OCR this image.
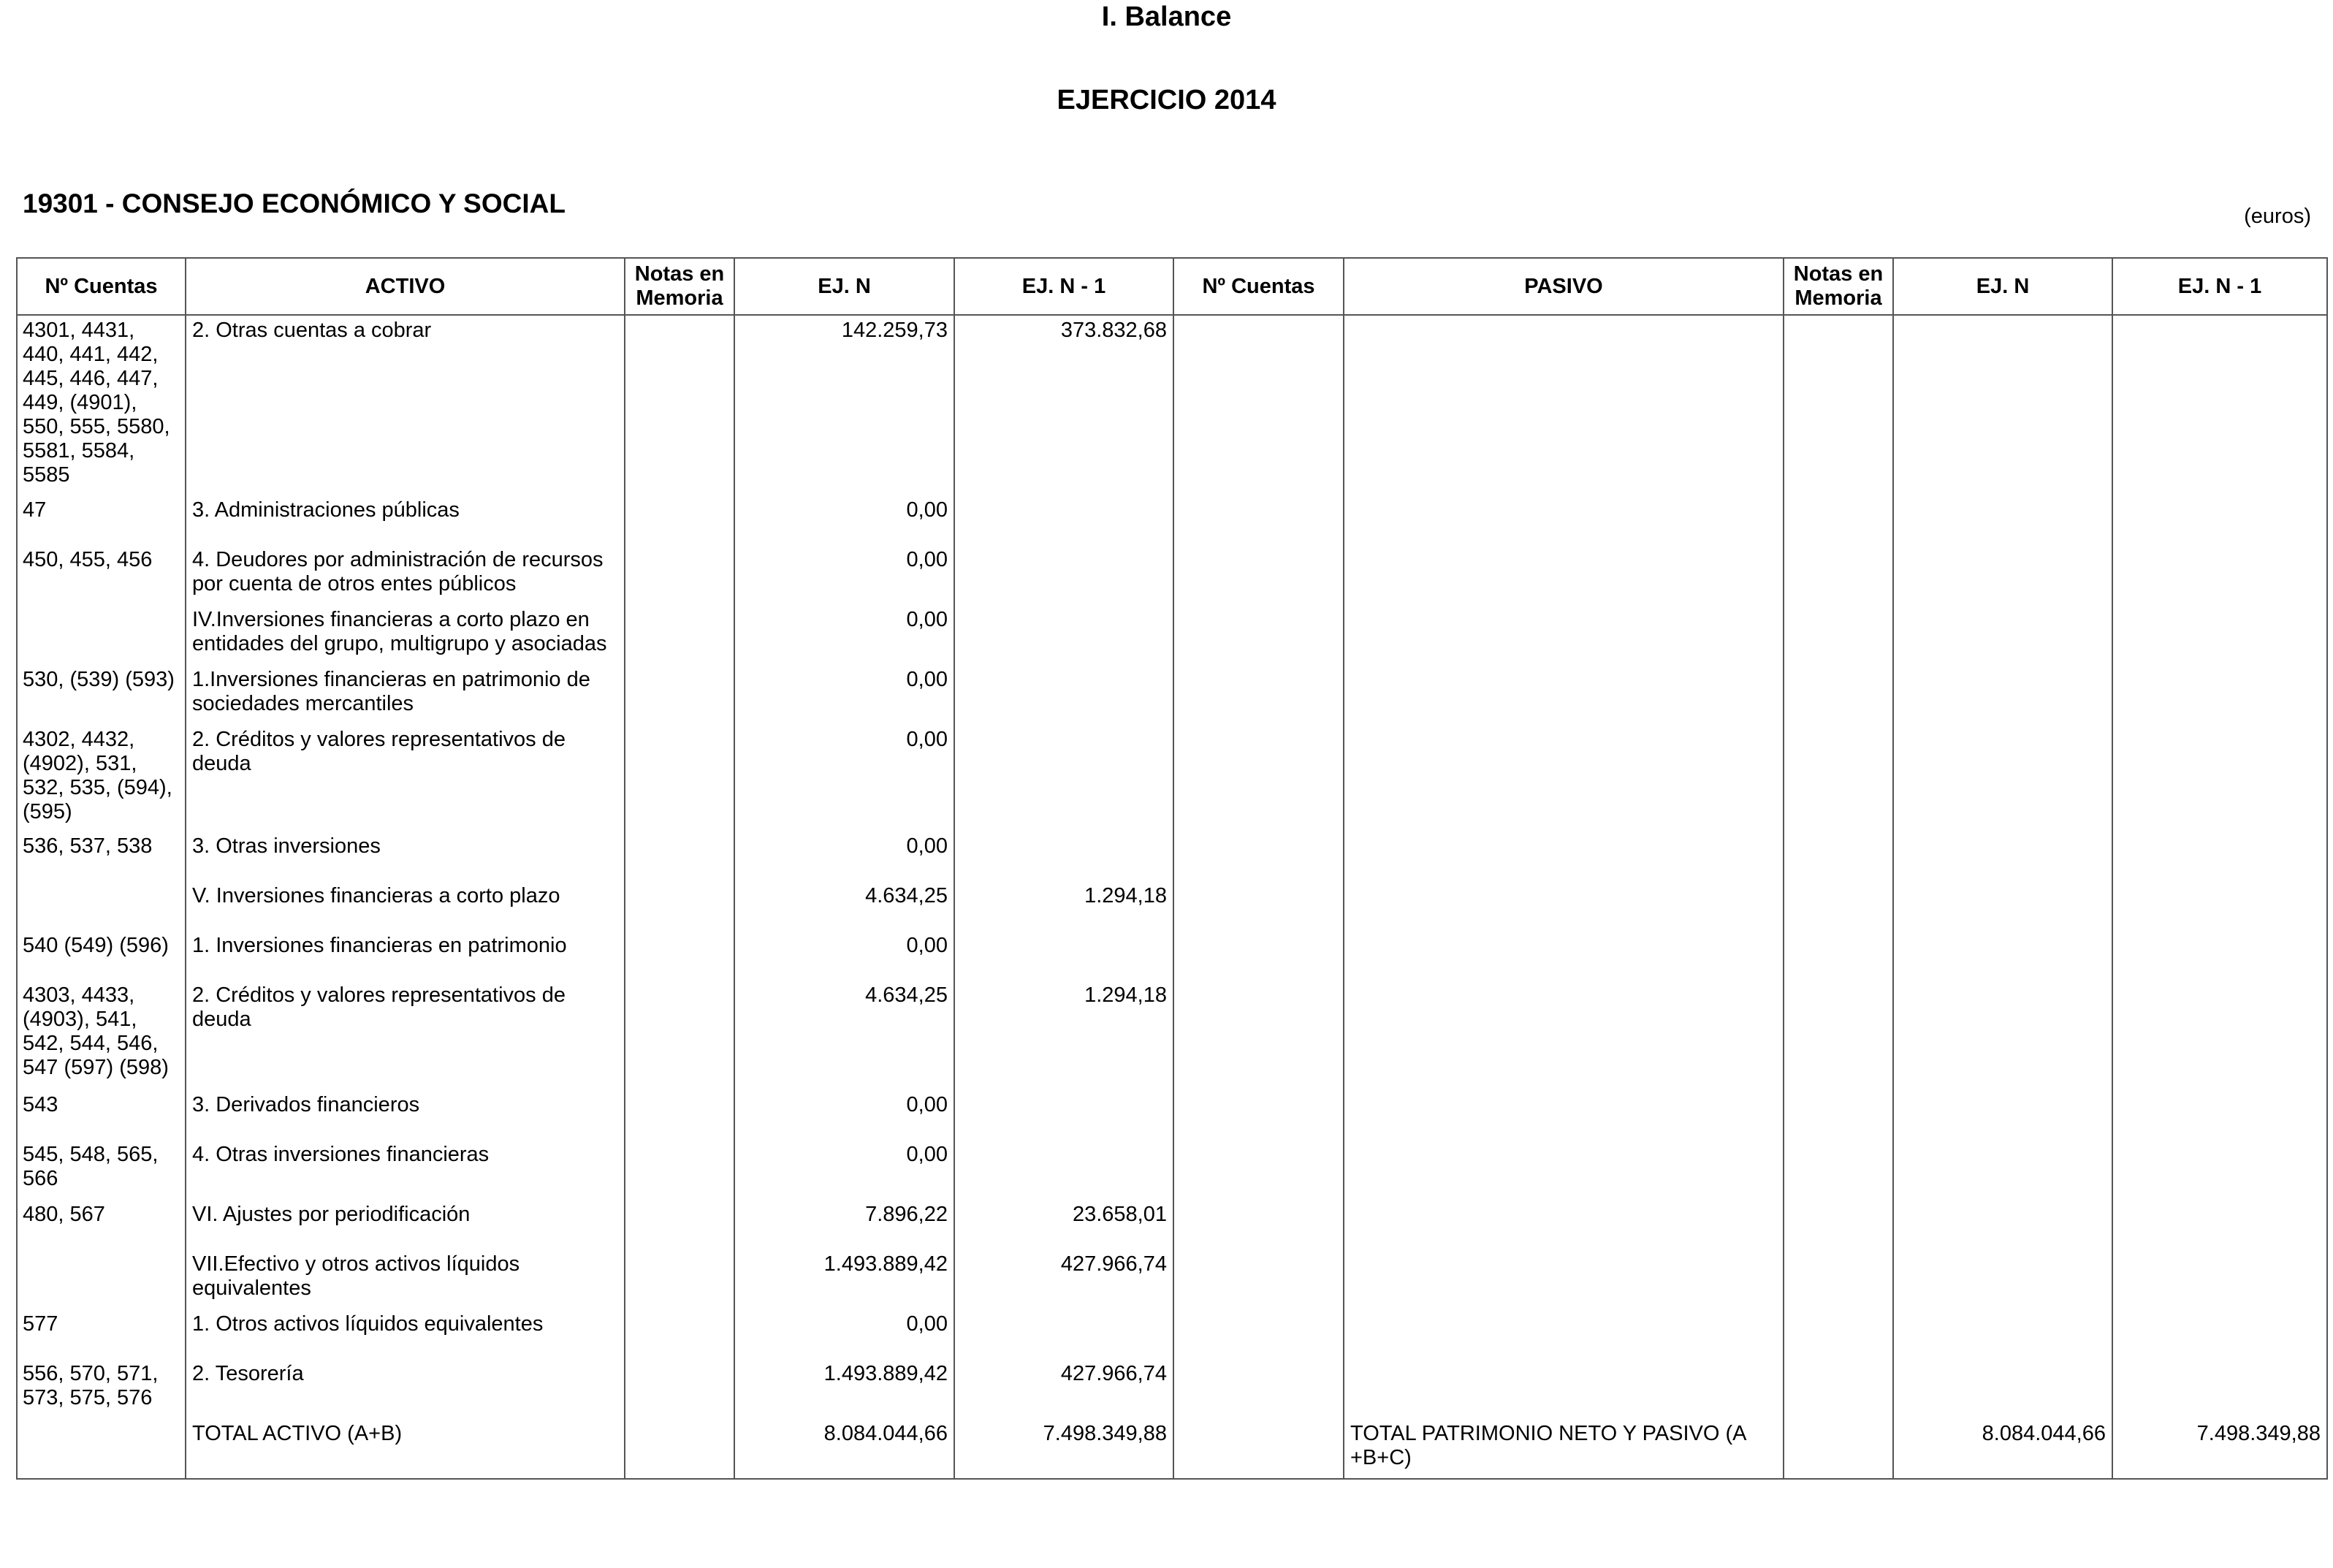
I. Balance
EJERCICIO 2014
19301 - CONSEJO ECONÓMICO Y SOCIAL	(euros)
Nº Cuentas	ACTIVO	Notas en Memoria	EJ. N	EJ. N - 1	Nº Cuentas	PASIVO	Notas en Memoria	EJ. N	EJ. N - 1
4301, 4431, 440, 441, 442, 445, 446, 447, 449, (4901), 550, 555, 5580, 5581, 5584, 5585	2. Otras cuentas a cobrar		142.259,73	373.832,68					
47	3. Administraciones públicas		0,00						
450, 455, 456	4. Deudores por administración de recursos por cuenta de otros entes públicos		0,00						
	IV.Inversiones financieras a corto plazo en entidades del grupo, multigrupo y asociadas		0,00						
530, (539) (593)	1.Inversiones financieras en patrimonio de sociedades mercantiles		0,00						
4302, 4432, (4902), 531, 532, 535, (594), (595)	2. Créditos y valores representativos de deuda		0,00						
536, 537, 538	3. Otras inversiones		0,00						
	V. Inversiones financieras a corto plazo		4.634,25	1.294,18					
540 (549) (596)	1. Inversiones financieras en patrimonio		0,00						
4303, 4433, (4903), 541, 542, 544, 546, 547 (597) (598)	2. Créditos y valores representativos de deuda		4.634,25	1.294,18					
543	3. Derivados financieros		0,00						
545, 548, 565, 566	4. Otras inversiones financieras		0,00						
480, 567	VI. Ajustes por periodificación		7.896,22	23.658,01					
	VII.Efectivo y otros activos líquidos equivalentes		1.493.889,42	427.966,74					
577	1. Otros activos líquidos equivalentes		0,00						
556, 570, 571, 573, 575, 576	2. Tesorería		1.493.889,42	427.966,74					
	TOTAL ACTIVO (A+B)		8.084.044,66	7.498.349,88		TOTAL PATRIMONIO NETO Y PASIVO (A +B+C)		8.084.044,66	7.498.349,88
